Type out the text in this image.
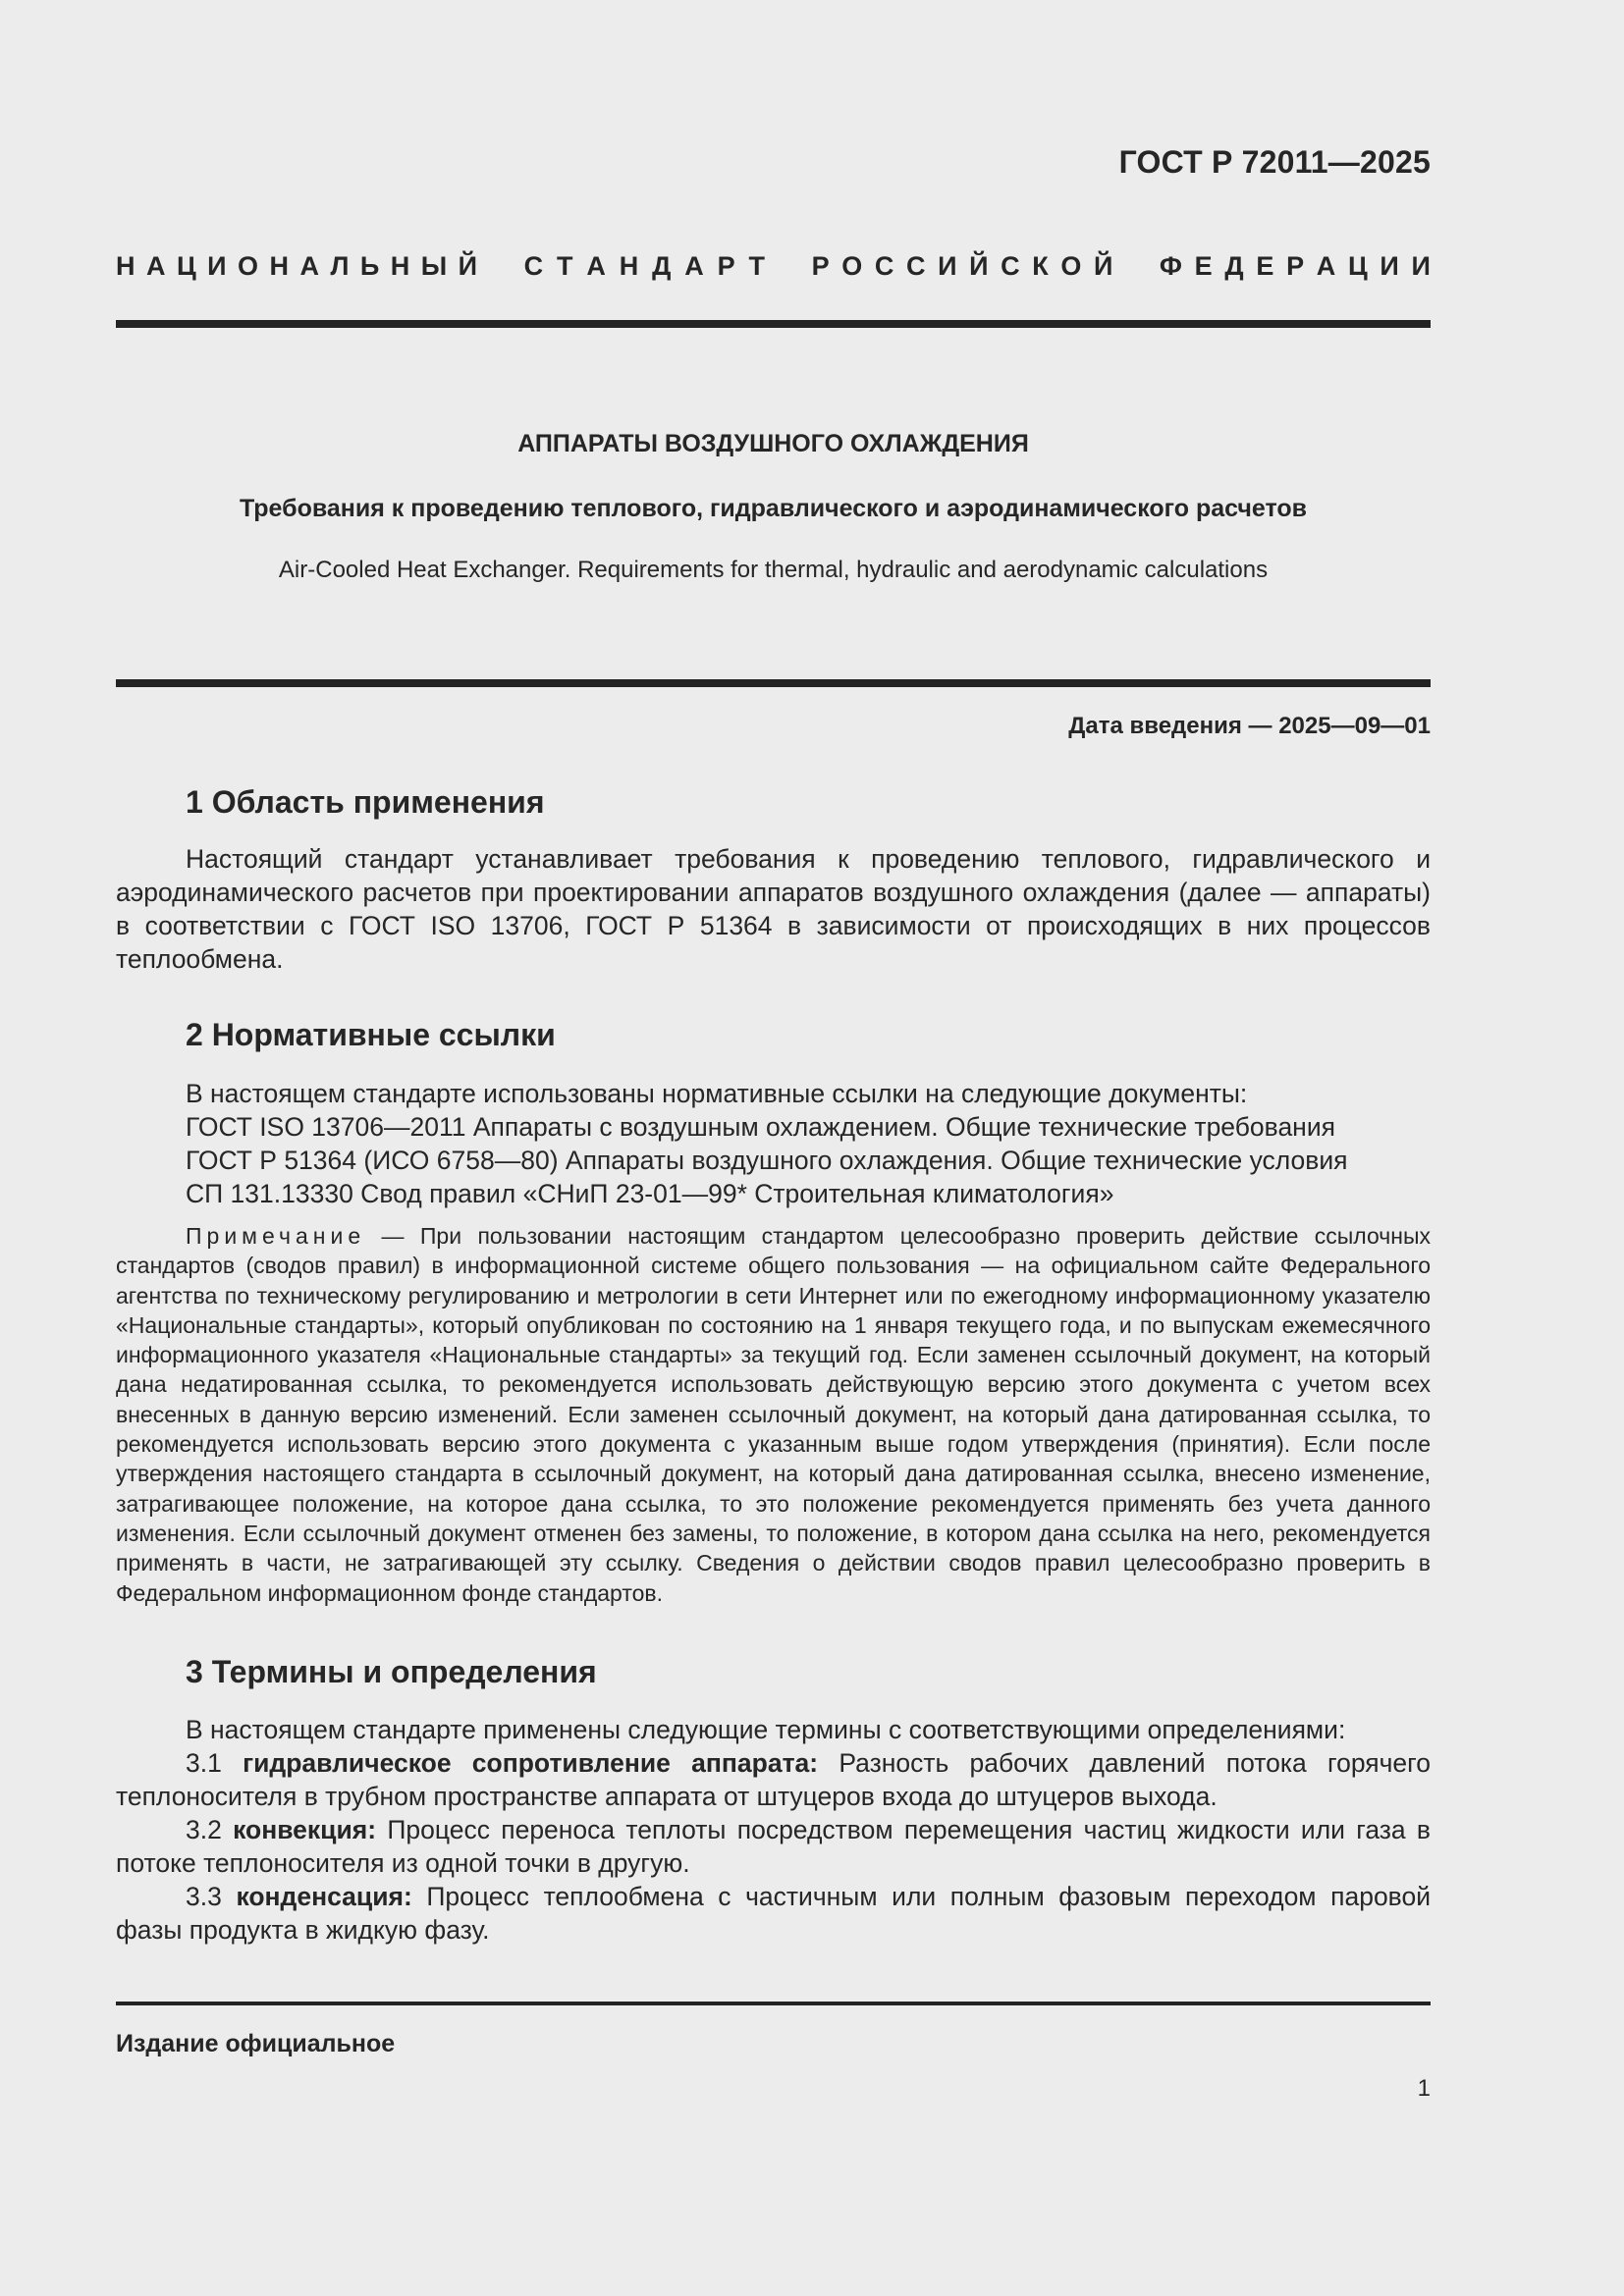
ГОСТ Р 72011—2025
Н А Ц И О Н А Л Ь Н Ы Й С Т А Н Д А Р Т Р О С С И Й С К О Й Ф Е Д Е Р А Ц И И
АППАРАТЫ ВОЗДУШНОГО ОХЛАЖДЕНИЯ
Требования к проведению теплового, гидравлического и аэродинамического расчетов
Air-Cooled Heat Exchanger. Requirements for thermal, hydraulic and aerodynamic calculations
Дата введения — 2025—09—01
1 Область применения
Настоящий стандарт устанавливает требования к проведению теплового, гидравлического и аэродинамического расчетов при проектировании аппаратов воздушного охлаждения (далее — аппараты) в соответствии с ГОСТ ISO 13706, ГОСТ Р 51364 в зависимости от происходящих в них процессов теплообмена.
2 Нормативные ссылки
В настоящем стандарте использованы нормативные ссылки на следующие документы:
ГОСТ ISO 13706—2011 Аппараты с воздушным охлаждением. Общие технические требования
ГОСТ Р 51364 (ИСО 6758—80) Аппараты воздушного охлаждения. Общие технические условия
СП 131.13330 Свод правил «СНиП 23-01—99* Строительная климатология»
Примечание — При пользовании настоящим стандартом целесообразно проверить действие ссылочных стандартов (сводов правил) в информационной системе общего пользования — на официальном сайте Федерального агентства по техническому регулированию и метрологии в сети Интернет или по ежегодному информационному указателю «Национальные стандарты», который опубликован по состоянию на 1 января текущего года, и по выпускам ежемесячного информационного указателя «Национальные стандарты» за текущий год. Если заменен ссылочный документ, на который дана недатированная ссылка, то рекомендуется использовать действующую версию этого документа с учетом всех внесенных в данную версию изменений. Если заменен ссылочный документ, на который дана датированная ссылка, то рекомендуется использовать версию этого документа с указанным выше годом утверждения (принятия). Если после утверждения настоящего стандарта в ссылочный документ, на который дана датированная ссылка, внесено изменение, затрагивающее положение, на которое дана ссылка, то это положение рекомендуется применять без учета данного изменения. Если ссылочный документ отменен без замены, то положение, в котором дана ссылка на него, рекомендуется применять в части, не затрагивающей эту ссылку. Сведения о действии сводов правил целесообразно проверить в Федеральном информационном фонде стандартов.
3 Термины и определения
В настоящем стандарте применены следующие термины с соответствующими определениями:
3.1 гидравлическое сопротивление аппарата: Разность рабочих давлений потока горячего теплоносителя в трубном пространстве аппарата от штуцеров входа до штуцеров выхода.
3.2 конвекция: Процесс переноса теплоты посредством перемещения частиц жидкости или газа в потоке теплоносителя из одной точки в другую.
3.3 конденсация: Процесс теплообмена с частичным или полным фазовым переходом паровой фазы продукта в жидкую фазу.
Издание официальное
1
